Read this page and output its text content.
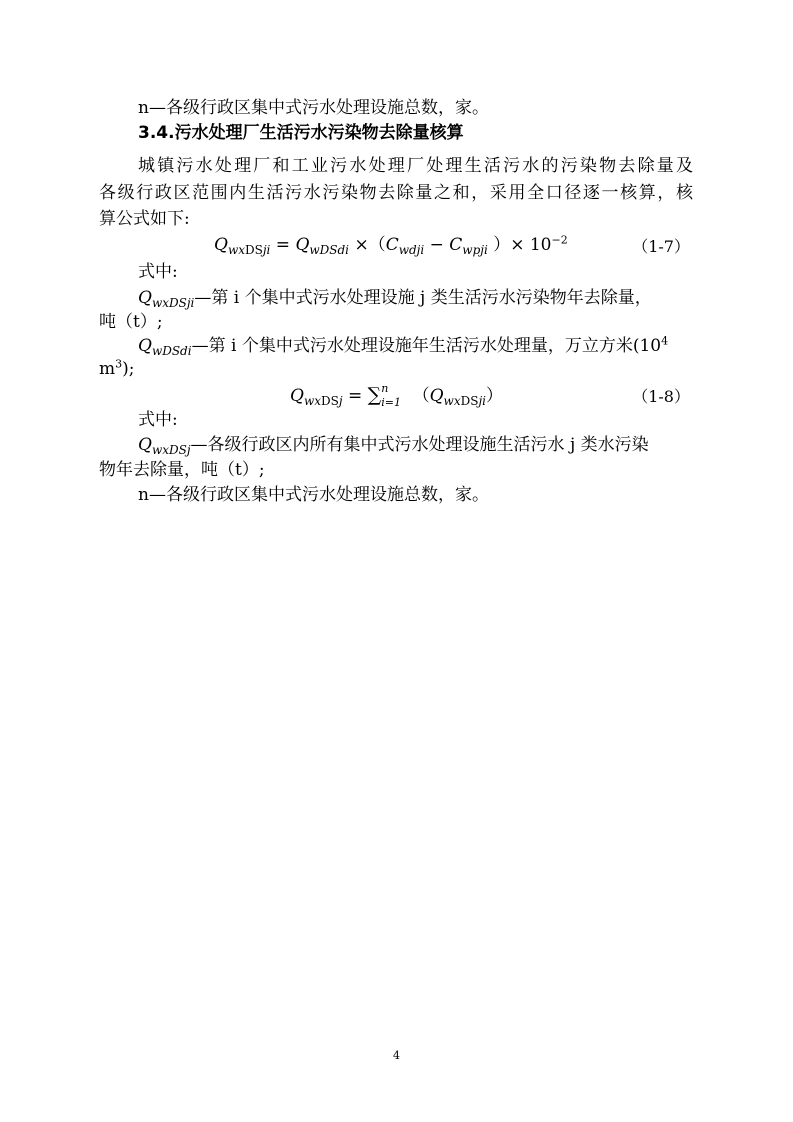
n—各级行政区集中式污水处理设施总数，家。
3.4.污水处理厂生活污水污染物去除量核算
城镇污水处理厂和工业污水处理厂处理生活污水的污染物去除量及
各级行政区范围内生活污水污染物去除量之和，采用全口径逐一核算，核
算公式如下:
$Q_{wxDSji} = Q_{wDSdi} \times(C_{wdji} - C_{wpji}$ ）× $10^{-2}$	（1-7）
式中:
$Q_{wxDSji}—$第 i 个集中式污水处理设施 j 类生活污水污染物年去除量，
吨（t）;
$Q_{wDSdi}—$第 i 个集中式污水处理设施年生活污水处理量，万立方米($10^4$
$m^3$);
$Q_{wxDSj}$ = ∑ n
i=1 $(Q_{wxDSji})$	（1-8）
式中:
$Q_{wxDSj}—$各级行政区内所有集中式污水处理设施生活污水 j 类水污染
物年去除量，吨（t）;
n—各级行政区集中式污水处理设施总数，家。
4
